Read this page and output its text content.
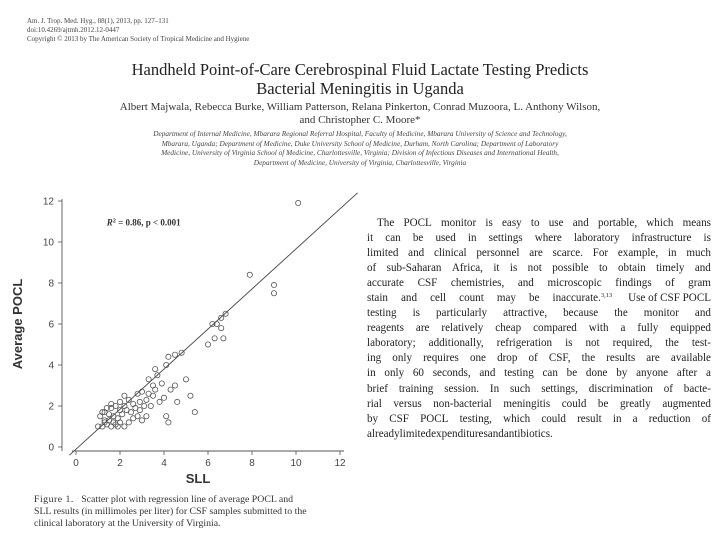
Am. J. Trop. Med. Hyg., 88(1), 2013, pp. 127–131
doi:10.4269/ajtmh.2012.12-0447
Copyright © 2013 by The American Society of Tropical Medicine and Hygiene
Handheld Point-of-Care Cerebrospinal Fluid Lactate Testing Predicts
Bacterial Meningitis in Uganda
Albert Majwala, Rebecca Burke, William Patterson, Relana Pinkerton, Conrad Muzoora, L. Anthony Wilson,
and Christopher C. Moore*
Department of Internal Medicine, Mbarara Regional Referral Hospital, Faculty of Medicine, Mbarara University of Science and Technology,
Mbarara, Uganda; Department of Medicine, Duke University School of Medicine, Durham, North Carolina; Department of Laboratory
Medicine, University of Virginia School of Medicine, Charlottesville, Virginia; Division of Infectious Diseases and International Health,
Department of Medicine, University of Virginia, Charlottesville, Virginia
0	2	4	6	8	10	12
0
2
4
6
8
10
12
Average POCL
SLL
$R^2 = 0.86$, p < 0.001
Figure 1. Scatter plot with regression line of average POCL and
SLL results (in millimoles per liter) for CSF samples submitted to the
clinical laboratory at the University of Virginia.
The POCL monitor is easy to use and portable, which means
it can be used in settings where laboratory infrastructure is
limited and clinical personnel are scarce. For example, in much
of sub-Saharan Africa, it is not possible to obtain timely and
accurate CSF chemistries, and microscopic findings of gram
stain and cell count may be inaccurate.$^{3,13}$ Use of CSF POCL
testing is particularly attractive, because the monitor and
reagents are relatively cheap compared with a fully equipped
laboratory; additionally, refrigeration is not required, the test-
ing only requires one drop of CSF, the results are available
in only 60 seconds, and testing can be done by anyone after a
brief training session. In such settings, discrimination of bacte-
rial versus non-bacterial meningitis could be greatly augmented
by CSF POCL testing, which could result in a reduction of
already limited expenditures and antibiotics.
